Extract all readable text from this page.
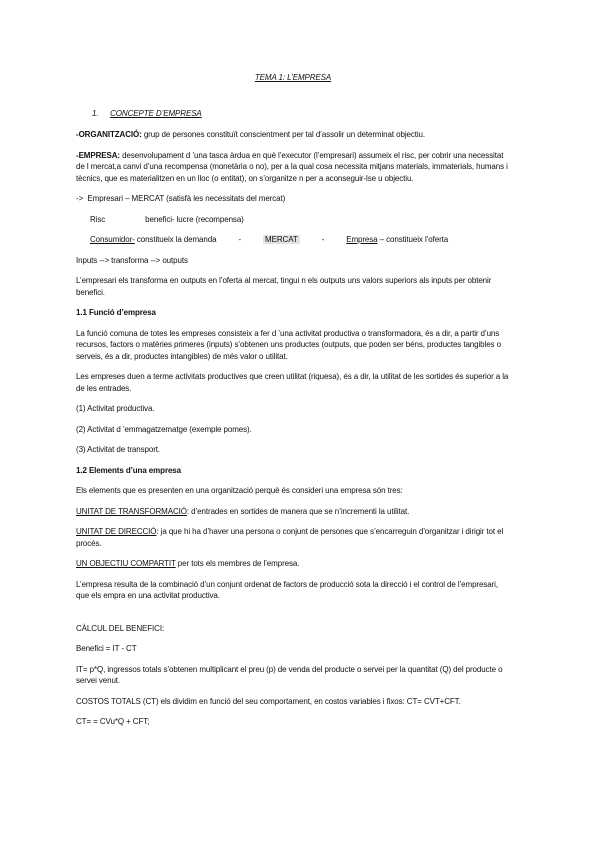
TEMA 1: L’EMPRESA
1. CONCEPTE D’EMPRESA

-ORGANITZACIÓ: grup de persones constituït conscientment per tal d’assolir un determinat objectiu.

-EMPRESA: desenvolupament d ’una tasca àrdua en què l’executor (l’empresari) assumeix el risc, per cobrir una necessitat de l mercat,a canvi d’una recompensa (monetària o no), per a la qual cosa necessita mitjans materials, immaterials, humans i tècnics, que es materialitzen en un lloc (o entitat), on s’organitze n per a aconseguir-lse u objectiu.

-> Empresari – MERCAT (satisfà les necessitats del mercat)

Risc	benefici- lucre (recompensa)

Consumidor- constitueix la demanda	-	MERCAT	-	Empresa – constitueix l’oferta

Inputs --> transforma --> outputs

L’empresari els transforma en outputs en l’oferta al mercat, tingui n els outputs uns valors superiors als inputs per obtenir benefici.

1.1 Funció d’empresa

La funció comuna de totes les empreses consisteix a fer d ’una activitat productiva o transformadora, és a dir, a partir d’uns recursos, factors o matèries primeres (inputs) s’obtenen uns productes (outputs, que poden ser béns, productes tangibles o serveis, és a dir, productes intangibles) de més valor o utilitat.

Les empreses duen a terme activitats productives que creen utilitat (riquesa), és a dir, la utilitat de les sortides és superior a la de les entrades.

(1) Activitat productiva.

(2) Activitat d ’emmagatzematge (exemple pomes).

(3) Activitat de transport.

1.2 Elements d’una empresa

Els elements que es presenten en una organització perquè és consideri una empresa són tres:

UNITAT DE TRANSFORMACIÓ: d’entrades en sortides de manera que se n’incrementi la utilitat.

UNITAT DE DIRECCIÓ: ja que hi ha d’haver una persona o conjunt de persones que s’encarreguin d’organitzar i dirigir tot el procés.

UN OBJECTIU COMPARTIT per tots els membres de l’empresa.

L’empresa resulta de la combinació d’un conjunt ordenat de factors de producció sota la direcció i el control de l’empresari, que els empra en una activitat productiva.

CÀLCUL DEL BENEFICI:

Benefici = IT - CT

IT= p*Q, ingressos totals s’obtenen multiplicant el preu (p) de venda del producte o servei per la quantitat (Q) del producte o servei venut.

COSTOS TOTALS (CT) els dividim en funció del seu comportament, en costos variables i fixos: CT= CVT+CFT.

CT= = CVu*Q + CFT;
